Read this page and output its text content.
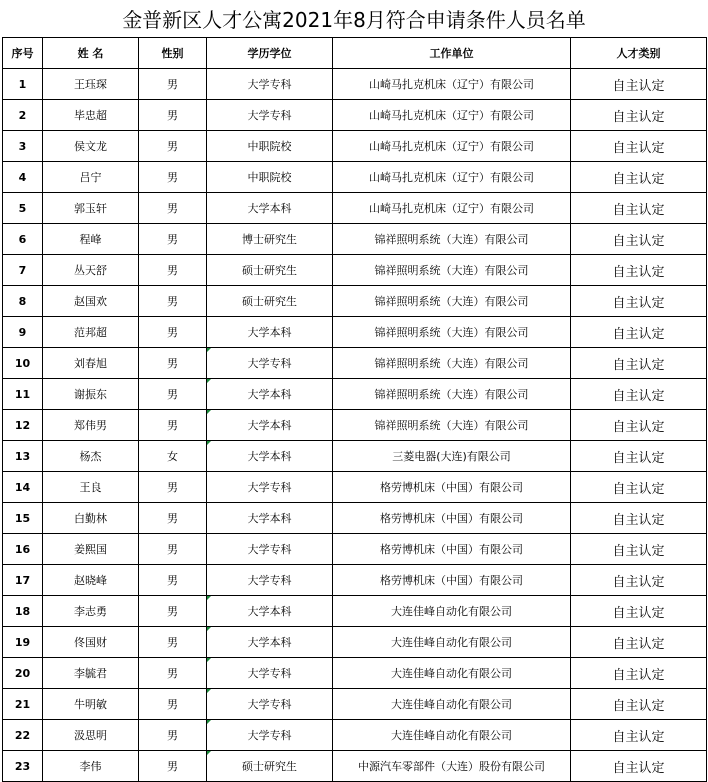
金普新区人才公寓2021年8月符合申请条件人员名单
序号	姓 名	性别	学历学位	工作单位	人才类别
1	王珏琛	男	大学专科	山崎马扎克机床（辽宁）有限公司	自主认定
2	毕忠超	男	大学专科	山崎马扎克机床（辽宁）有限公司	自主认定
3	侯文龙	男	中职院校	山崎马扎克机床（辽宁）有限公司	自主认定
4	吕宁	男	中职院校	山崎马扎克机床（辽宁）有限公司	自主认定
5	郭玉轩	男	大学本科	山崎马扎克机床（辽宁）有限公司	自主认定
6	程峰	男	博士研究生	锦祥照明系统（大连）有限公司	自主认定
7	丛天舒	男	硕士研究生	锦祥照明系统（大连）有限公司	自主认定
8	赵国欢	男	硕士研究生	锦祥照明系统（大连）有限公司	自主认定
9	范邦超	男	大学本科	锦祥照明系统（大连）有限公司	自主认定
10	刘春旭	男	大学专科	锦祥照明系统（大连）有限公司	自主认定
11	谢振东	男	大学本科	锦祥照明系统（大连）有限公司	自主认定
12	郑伟男	男	大学本科	锦祥照明系统（大连）有限公司	自主认定
13	杨杰	女	大学本科	三菱电器(大连)有限公司	自主认定
14	王良	男	大学专科	格劳博机床（中国）有限公司	自主认定
15	白勤林	男	大学本科	格劳博机床（中国）有限公司	自主认定
16	姜熙国	男	大学专科	格劳博机床（中国）有限公司	自主认定
17	赵晓峰	男	大学专科	格劳博机床（中国）有限公司	自主认定
18	李志勇	男	大学本科	大连佳峰自动化有限公司	自主认定
19	佟国财	男	大学本科	大连佳峰自动化有限公司	自主认定
20	李毓君	男	大学专科	大连佳峰自动化有限公司	自主认定
21	牛明敏	男	大学专科	大连佳峰自动化有限公司	自主认定
22	汲思明	男	大学专科	大连佳峰自动化有限公司	自主认定
23	李伟	男	硕士研究生	中源汽车零部件（大连）股份有限公司	自主认定
